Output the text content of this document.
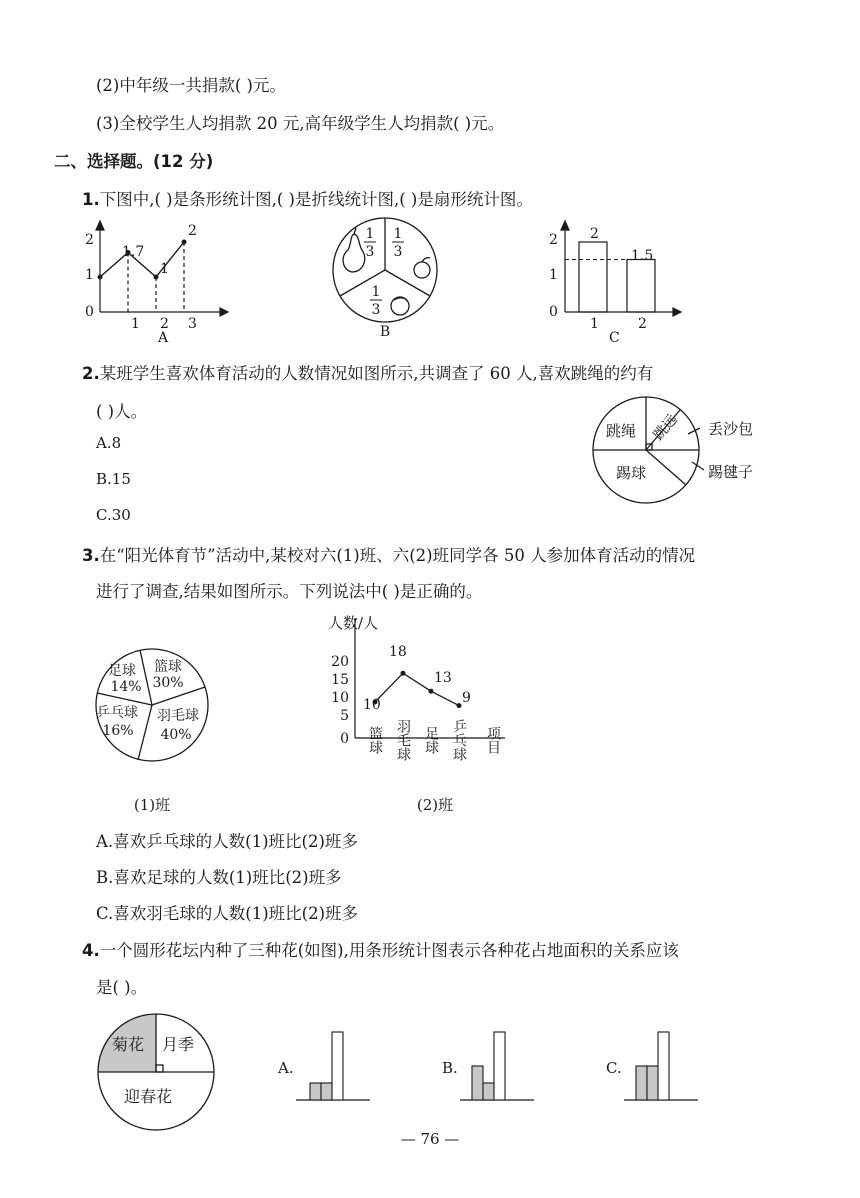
(2)中年级一共捐款( )元。
(3)全校学生人均捐款 20 元,高年级学生人均捐款( )元。
二、选择题。(12 分)
1.下图中,( )是条形统计图,( )是折线统计图,( )是扇形统计图。
2
1
0
1 2 3
1.7
1
2
A
1
3
1
3
1
3
B
2
1
0
1	2
2
1.5
C
2.某班学生喜欢体育活动的人数情况如图所示,共调查了 60 人,喜欢跳绳的约有
( )人。
A.8
B.15
C.30
跳绳 跳远 丢沙包
踢球	踢毽子
3.在“阳光体育节”活动中,某校对六(1)班、六(2)班同学各 50 人参加体育活动的情况
进行了调查,结果如图所示。下列说法中( )是正确的。
足球
14%
篮球
30%
羽毛球
40%
乒乓球
16%
(1)班
人数/人
0
5
10
15
20
10
18
13
9
篮球 羽毛球 足球 乒乓球 项目
(2)班
A.喜欢乒乓球的人数(1)班比(2)班多
B.喜欢足球的人数(1)班比(2)班多
C.喜欢羽毛球的人数(1)班比(2)班多
4.一个圆形花坛内种了三种花(如图),用条形统计图表示各种花占地面积的关系应该
是( )。
菊花 月季
迎春花
A.	B.	C.
— 76 —
